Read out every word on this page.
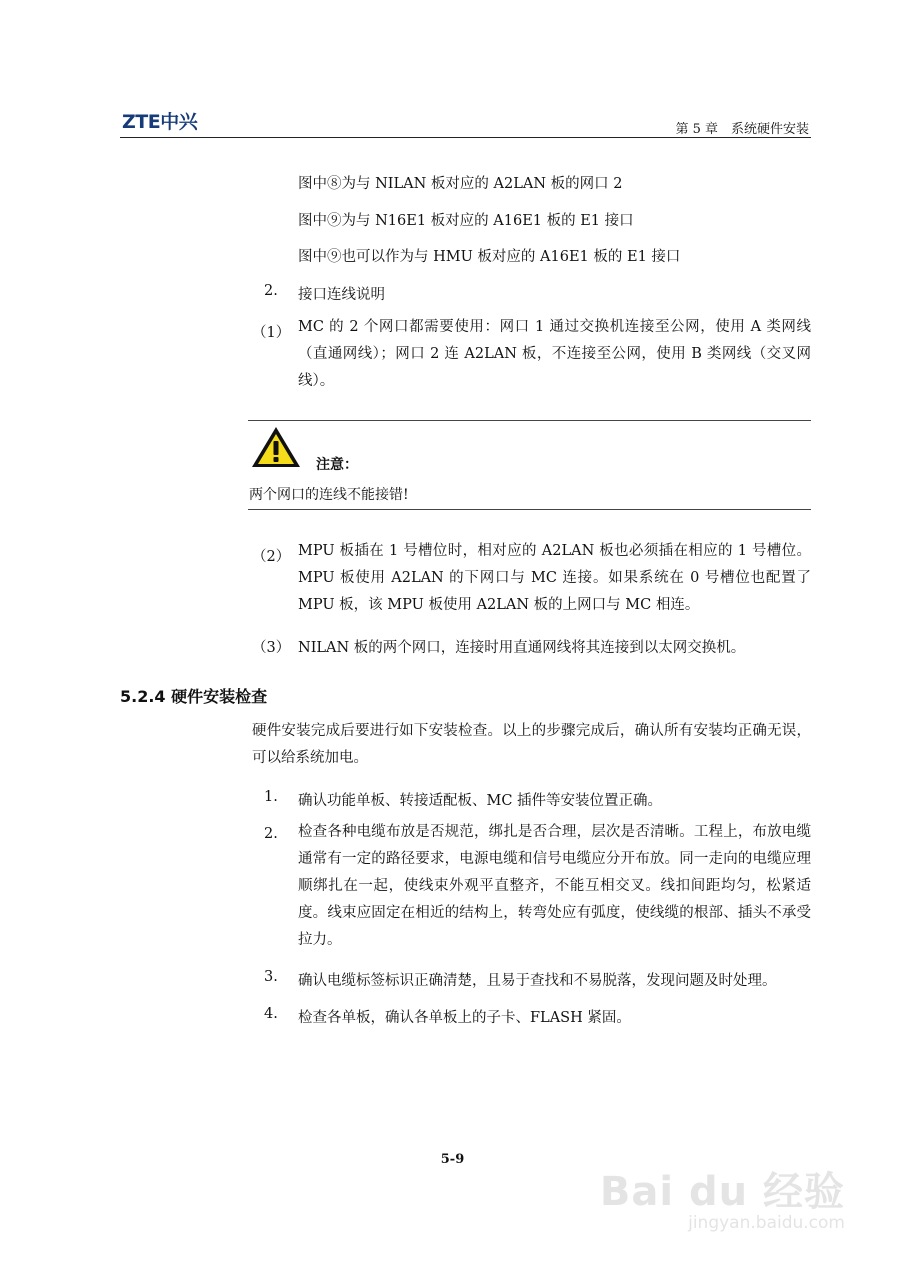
ZTE中兴	第 5 章　系统硬件安装
图中⑧为与 NILAN 板对应的 A2LAN 板的网口 2
图中⑨为与 N16E1 板对应的 A16E1 板的 E1 接口
图中⑨也可以作为与 HMU 板对应的 A16E1 板的 E1 接口
2. 接口连线说明
（1） MC 的 2 个网口都需要使用：网口 1 通过交换机连接至公网，使用 A 类网线（直通网线）；网口 2 连 A2LAN 板，不连接至公网，使用 B 类网线（交叉网线）。
注意：
两个网口的连线不能接错!
（2） MPU 板插在 1 号槽位时，相对应的 A2LAN 板也必须插在相应的 1 号槽位。MPU 板使用 A2LAN 的下网口与 MC 连接。如果系统在 0 号槽位也配置了 MPU 板，该 MPU 板使用 A2LAN 板的上网口与 MC 相连。
（3） NILAN 板的两个网口，连接时用直通网线将其连接到以太网交换机。
5.2.4 硬件安装检查
硬件安装完成后要进行如下安装检查。以上的步骤完成后，确认所有安装均正确无误，可以给系统加电。
1. 确认功能单板、转接适配板、MC 插件等安装位置正确。
2. 检查各种电缆布放是否规范，绑扎是否合理，层次是否清晰。工程上，布放电缆通常有一定的路径要求，电源电缆和信号电缆应分开布放。同一走向的电缆应理顺绑扎在一起，使线束外观平直整齐，不能互相交叉。线扣间距均匀，松紧适度。线束应固定在相近的结构上，转弯处应有弧度，使线缆的根部、插头不承受拉力。
3. 确认电缆标签标识正确清楚，且易于查找和不易脱落，发现问题及时处理。
4. 检查各单板，确认各单板上的子卡、FLASH 紧固。
5-9
Bai du 经验
jingyan.baidu.com
